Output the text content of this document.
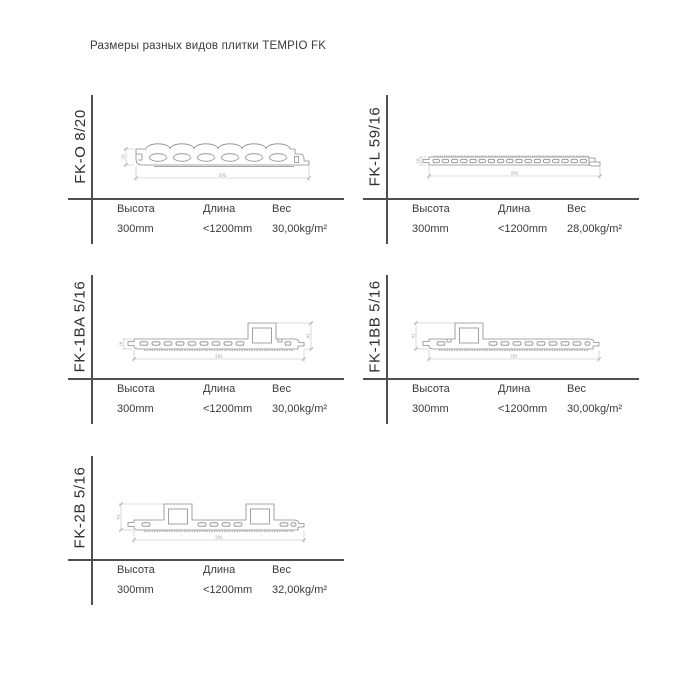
Размеры разных видов плитки TEMPIO FK
FK-O 8/20	292
20
Высота	Длина	Вес
300mm	<1200mm 30,00kg/m²
FK-L 59/16	291
16
Высота	Длина	Вес
300mm	<1200mm 28,00kg/m²
FK-1BA 5/16	41
16
291
Высота	Длина	Вес
300mm	<1200mm 30,00kg/m²
FK-1BB 5/16	41
291
Высота	Длина	Вес
300mm	<1200mm 30,00kg/m²
FK-2B 5/16	41
291
Высота	Длина	Вес
300mm	<1200mm 32,00kg/m²
